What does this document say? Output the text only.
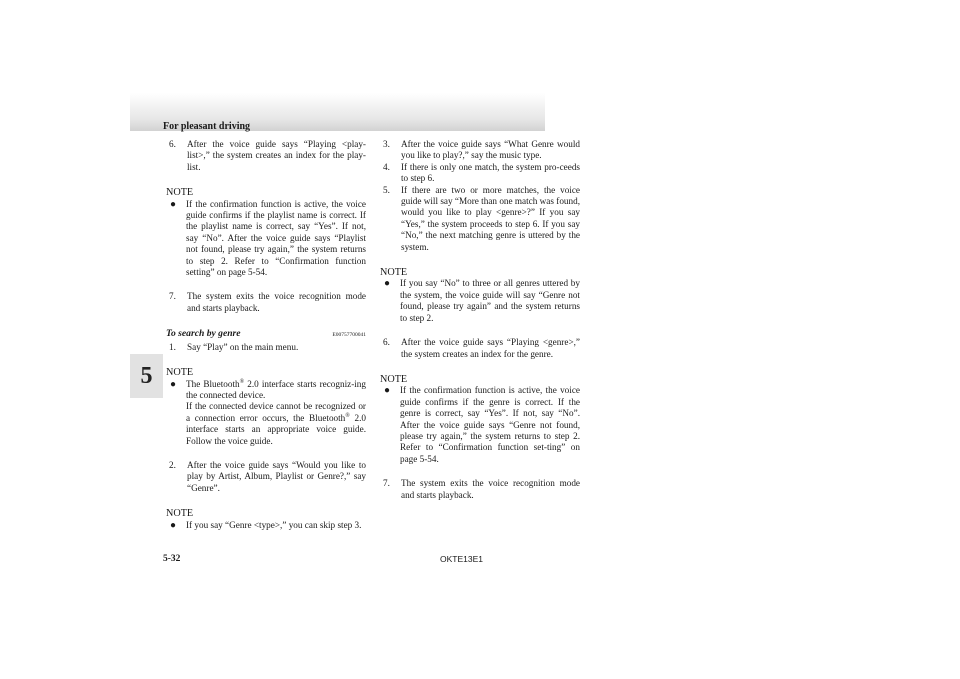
For pleasant driving
5
6.	After the voice guide says “Playing <play-list>,” the system creates an index for the play-list.
NOTE
●	If the confirmation function is active, the voice guide confirms if the playlist name is correct. If the playlist name is correct, say “Yes”. If not, say “No”. After the voice guide says “Playlist not found, please try again,” the system returns to step 2. Refer to “Confirmation function setting” on page 5-54.
7.	The system exits the voice recognition mode and starts playback.
To search by genre	E00757700041
1.	Say “Play” on the main menu.
NOTE
●	The Bluetooth® 2.0 interface starts recogniz-ing the connected device.
If the connected device cannot be recognized or a connection error occurs, the Bluetooth® 2.0 interface starts an appropriate voice guide. Follow the voice guide.
2.	After the voice guide says “Would you like to play by Artist, Album, Playlist or Genre?,” say “Genre”.
NOTE
●	If you say “Genre <type>,” you can skip step 3.
3.	After the voice guide says “What Genre would you like to play?,” say the music type.
4.	If there is only one match, the system pro-ceeds to step 6.
5.	If there are two or more matches, the voice guide will say “More than one match was found, would you like to play <genre>?” If you say “Yes,” the system proceeds to step 6. If you say “No,” the next matching genre is uttered by the system.
NOTE
●	If you say “No” to three or all genres uttered by the system, the voice guide will say “Genre not found, please try again” and the system returns to step 2.
6.	After the voice guide says “Playing <genre>,” the system creates an index for the genre.
NOTE
●	If the confirmation function is active, the voice guide confirms if the genre is correct. If the genre is correct, say “Yes”. If not, say “No”. After the voice guide says “Genre not found, please try again,” the system returns to step 2. Refer to “Confirmation function set-ting” on page 5-54.
7.	The system exits the voice recognition mode and starts playback.
5-32	OKTE13E1
